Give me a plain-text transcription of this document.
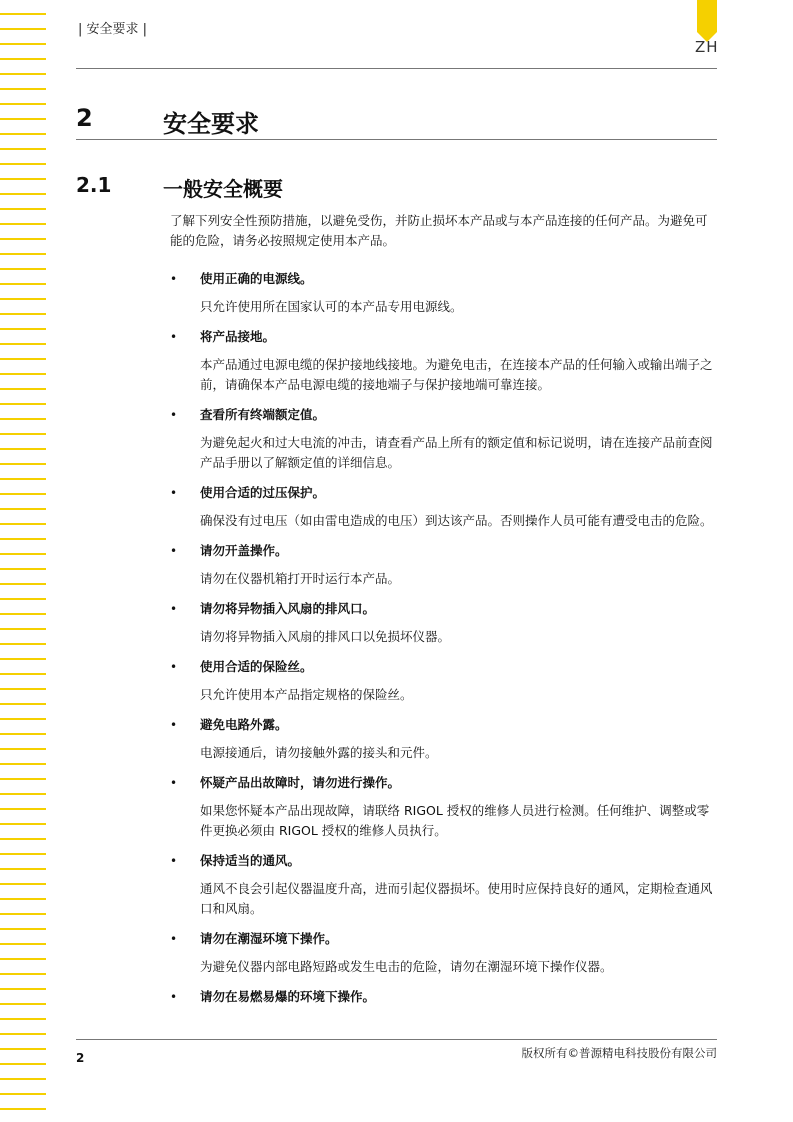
ZH
| 安全要求 |
2	安全要求
2.1	一般安全概要

了解下列安全性预防措施，以避免受伤，并防止损坏本产品或与本产品连接的任何产品。为避免可能的危险，请务必按照规定使用本产品。

• 使用正确的电源线。
只允许使用所在国家认可的本产品专用电源线。
• 将产品接地。
本产品通过电源电缆的保护接地线接地。为避免电击，在连接本产品的任何输入或输出端子之前，请确保本产品电源电缆的接地端子与保护接地端可靠连接。
• 查看所有终端额定值。
为避免起火和过大电流的冲击，请查看产品上所有的额定值和标记说明，请在连接产品前查阅产品手册以了解额定值的详细信息。
• 使用合适的过压保护。
确保没有过电压（如由雷电造成的电压）到达该产品。否则操作人员可能有遭受电击的危险。
• 请勿开盖操作。
请勿在仪器机箱打开时运行本产品。
• 请勿将异物插入风扇的排风口。
请勿将异物插入风扇的排风口以免损坏仪器。
• 使用合适的保险丝。
只允许使用本产品指定规格的保险丝。
• 避免电路外露。
电源接通后，请勿接触外露的接头和元件。
• 怀疑产品出故障时，请勿进行操作。
如果您怀疑本产品出现故障，请联络 RIGOL 授权的维修人员进行检测。任何维护、调整或零件更换必须由 RIGOL 授权的维修人员执行。
• 保持适当的通风。
通风不良会引起仪器温度升高，进而引起仪器损坏。使用时应保持良好的通风，定期检查通风口和风扇。
• 请勿在潮湿环境下操作。
为避免仪器内部电路短路或发生电击的危险，请勿在潮湿环境下操作仪器。
• 请勿在易燃易爆的环境下操作。
2	版权所有©普源精电科技股份有限公司
